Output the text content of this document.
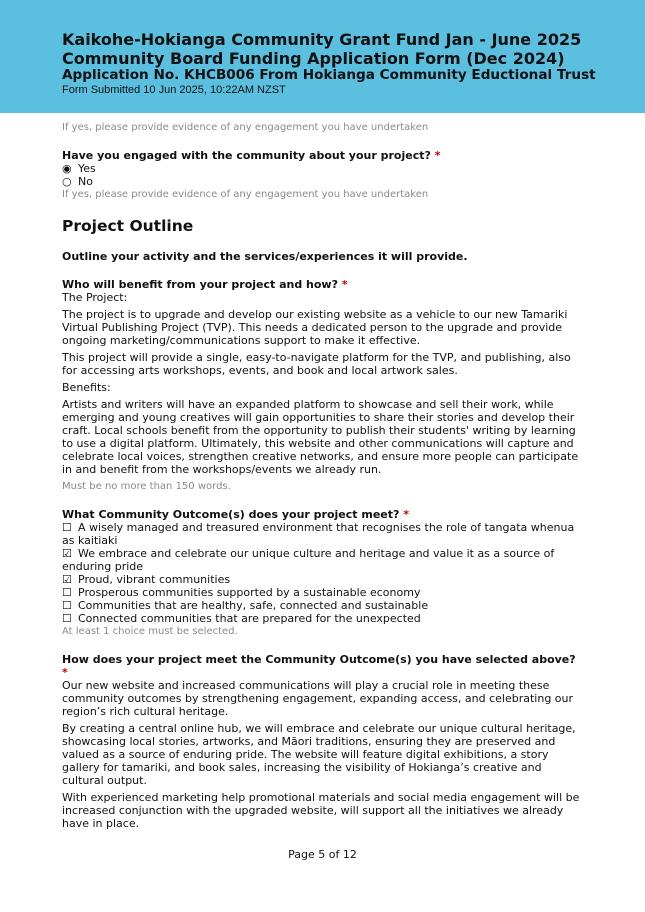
Kaikohe-Hokianga Community Grant Fund Jan - June 2025

Community Board Funding Application Form (Dec 2024)

Application No. KHCB006 From Hokianga Community Eductional Trust

Form Submitted 10 Jun 2025, 10:22AM NZST

If yes, please provide evidence of any engagement you have undertaken

Have you engaged with the community about your project? *

◉ Yes
○ No

If yes, please provide evidence of any engagement you have undertaken

Project Outline

Outline your activity and the services/experiences it will provide.

Who will benefit from your project and how? *

The Project:

The project is to upgrade and develop our existing website as a vehicle to our new Tamariki Virtual Publishing Project (TVP). This needs a dedicated person to the upgrade and provide ongoing marketing/communications support to make it effective.

This project will provide a single, easy-to-navigate platform for the TVP, and publishing, also for accessing arts workshops, events, and book and local artwork sales.

Benefits:

Artists and writers will have an expanded platform to showcase and sell their work, while emerging and young creatives will gain opportunities to share their stories and develop their craft. Local schools benefit from the opportunity to publish their students' writing by learning to use a digital platform. Ultimately, this website and other communications will capture and celebrate local voices, strengthen creative networks, and ensure more people can participate in and benefit from the workshops/events we already run.

Must be no more than 150 words.

What Community Outcome(s) does your project meet? *

☐ A wisely managed and treasured environment that recognises the role of tangata whenua as kaitiaki
☑ We embrace and celebrate our unique culture and heritage and value it as a source of enduring pride
☑ Proud, vibrant communities
☐ Prosperous communities supported by a sustainable economy
☐ Communities that are healthy, safe, connected and sustainable
☐ Connected communities that are prepared for the unexpected

At least 1 choice must be selected.

How does your project meet the Community Outcome(s) you have selected above? *

Our new website and increased communications will play a crucial role in meeting these community outcomes by strengthening engagement, expanding access, and celebrating our region’s rich cultural heritage.

By creating a central online hub, we will embrace and celebrate our unique cultural heritage, showcasing local stories, artworks, and Māori traditions, ensuring they are preserved and valued as a source of enduring pride. The website will feature digital exhibitions, a story gallery for tamariki, and book sales, increasing the visibility of Hokianga’s creative and cultural output.

With experienced marketing help promotional materials and social media engagement will be increased conjunction with the upgraded website, will support all the initiatives we already have in place.

Page 5 of 12
